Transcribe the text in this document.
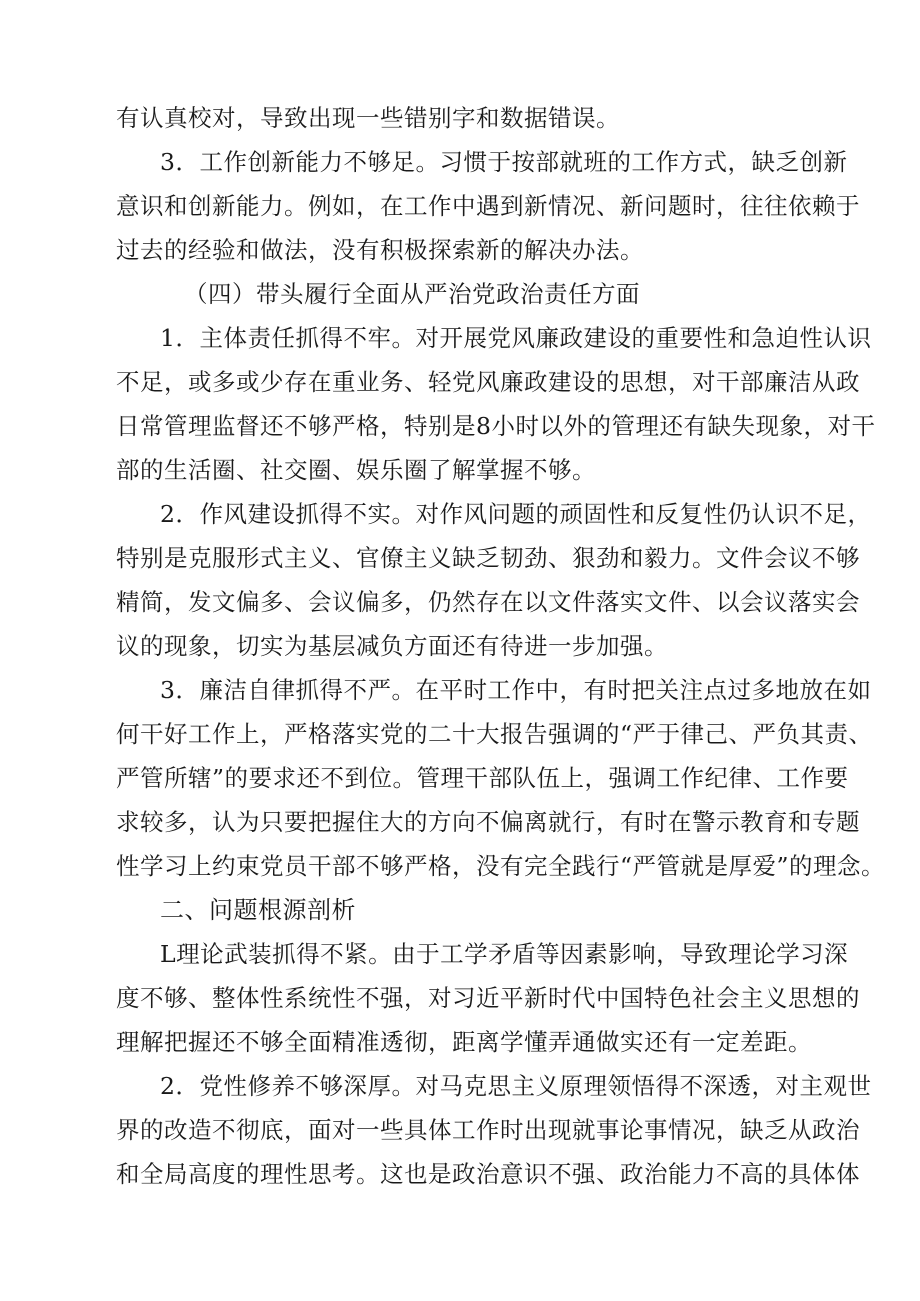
有认真校对，导致出现一些错别字和数据错误。
3．工作创新能力不够足。习惯于按部就班的工作方式，缺乏创新
意识和创新能力。例如，在工作中遇到新情况、新问题时，往往依赖于
过去的经验和做法，没有积极探索新的解决办法。
（四）带头履行全面从严治党政治责任方面
1．主体责任抓得不牢。对开展党风廉政建设的重要性和急迫性认识
不足，或多或少存在重业务、轻党风廉政建设的思想，对干部廉洁从政
日常管理监督还不够严格，特别是8小时以外的管理还有缺失现象，对干
部的生活圈、社交圈、娱乐圈了解掌握不够。
2．作风建设抓得不实。对作风问题的顽固性和反复性仍认识不足，
特别是克服形式主义、官僚主义缺乏韧劲、狠劲和毅力。文件会议不够
精简，发文偏多、会议偏多，仍然存在以文件落实文件、以会议落实会
议的现象，切实为基层减负方面还有待进一步加强。
3．廉洁自律抓得不严。在平时工作中，有时把关注点过多地放在如
何干好工作上，严格落实党的二十大报告强调的“严于律己、严负其责、
严管所辖”的要求还不到位。管理干部队伍上，强调工作纪律、工作要
求较多，认为只要把握住大的方向不偏离就行，有时在警示教育和专题
性学习上约束党员干部不够严格，没有完全践行“严管就是厚爱”的理念。
二、问题根源剖析
L理论武装抓得不紧。由于工学矛盾等因素影响，导致理论学习深
度不够、整体性系统性不强，对习近平新时代中国特色社会主义思想的
理解把握还不够全面精准透彻，距离学懂弄通做实还有一定差距。
2．党性修养不够深厚。对马克思主义原理领悟得不深透，对主观世
界的改造不彻底，面对一些具体工作时出现就事论事情况，缺乏从政治
和全局高度的理性思考。这也是政治意识不强、政治能力不高的具体体
